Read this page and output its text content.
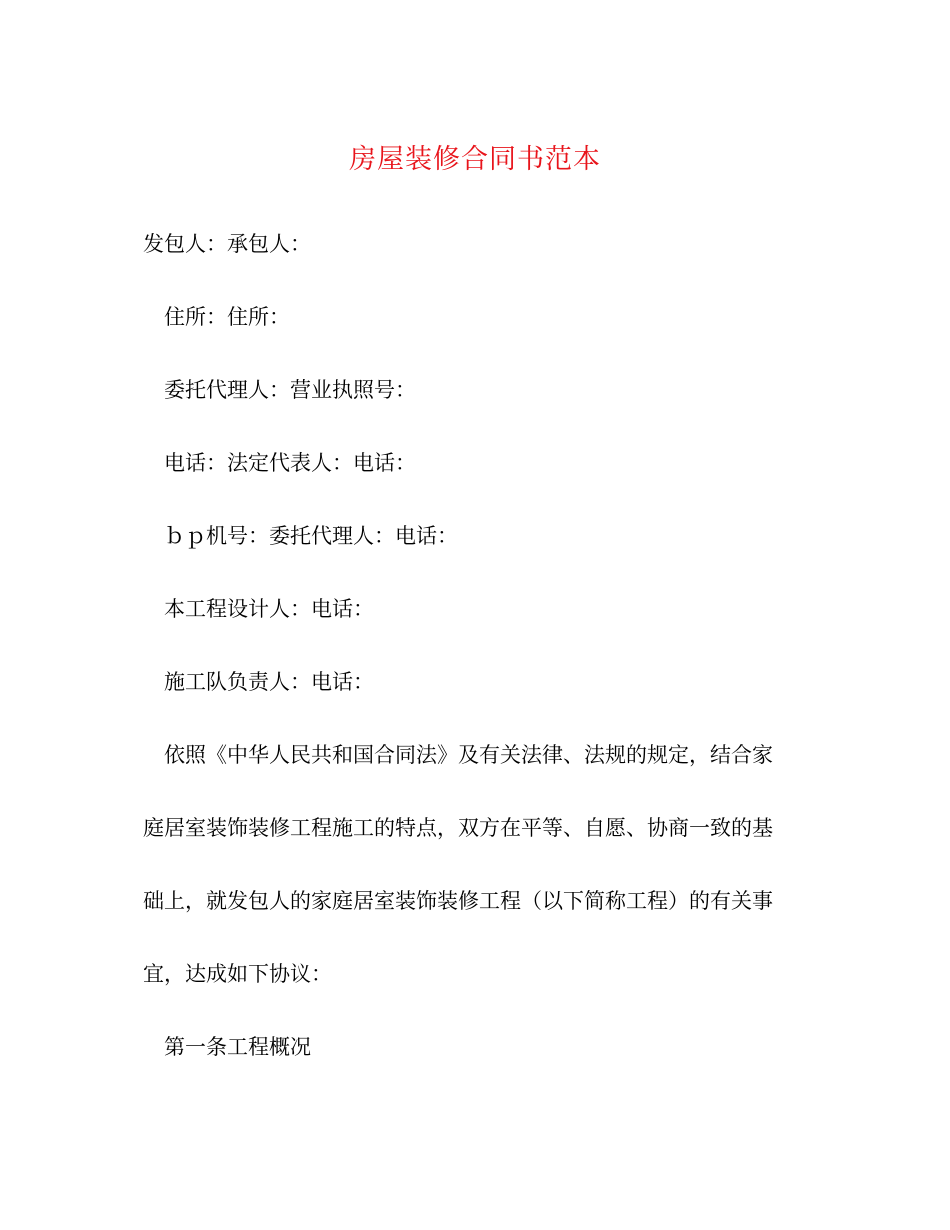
房屋装修合同书范本

发包人：承包人：

住所：住所：

委托代理人：营业执照号：

电话：法定代表人：电话：

ｂｐ机号：委托代理人：电话：

本工程设计人：电话：

施工队负责人：电话：

依照《中华人民共和国合同法》及有关法律、法规的规定，结合家
庭居室装饰装修工程施工的特点，双方在平等、自愿、协商一致的基
础上，就发包人的家庭居室装饰装修工程（以下简称工程）的有关事
宜，达成如下协议：

第一条工程概况
